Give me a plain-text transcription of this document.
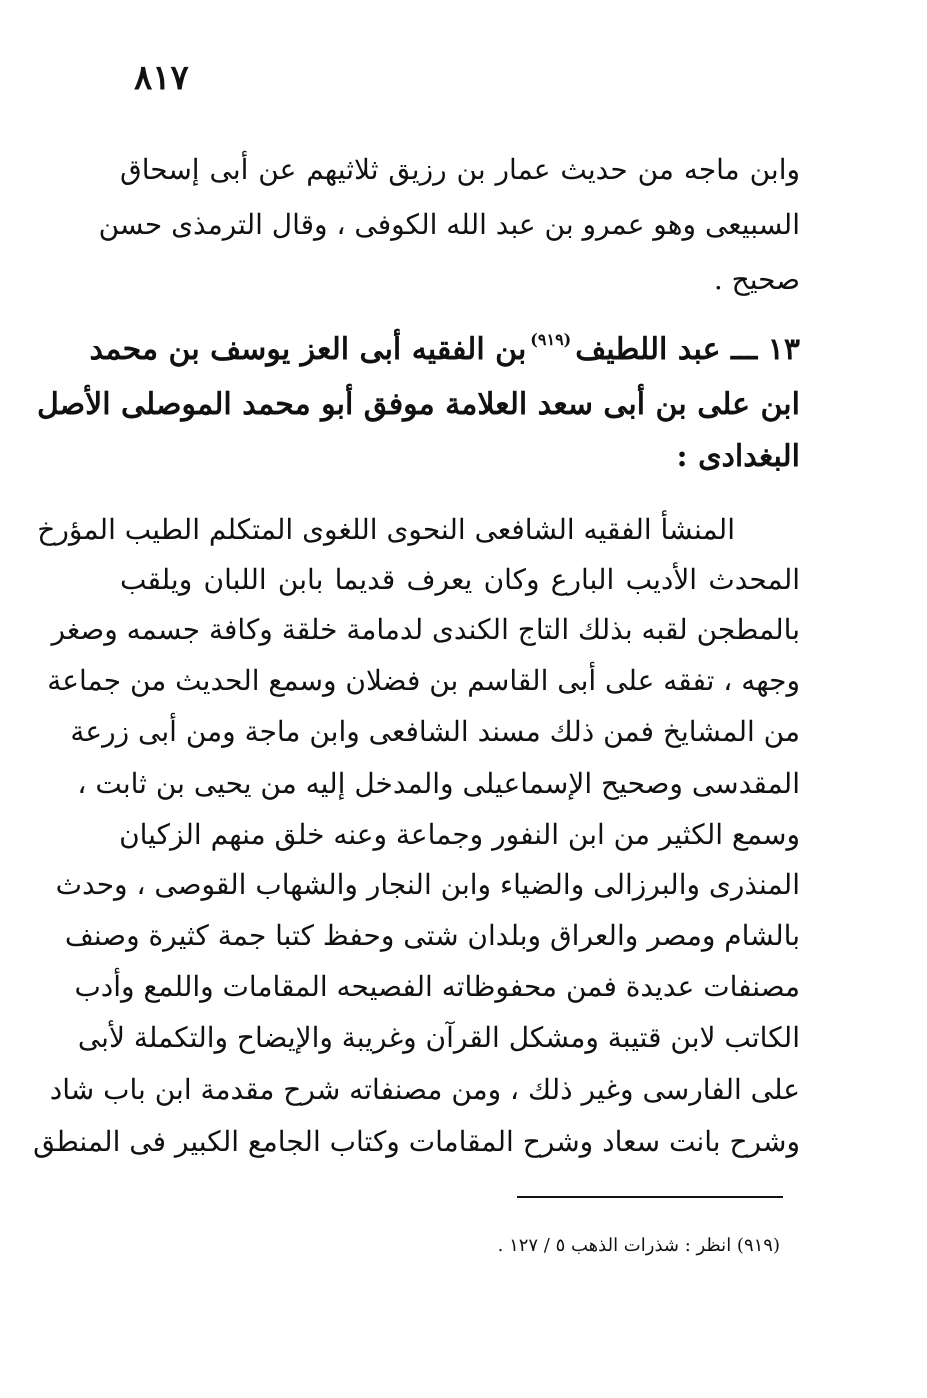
٨١٧
وابن ماجه من حديث عمار بن رزيق ثلاثيهم عن أبى إسحاق
السبيعى وهو عمرو بن عبد الله الكوفى ، وقال الترمذى حسن
صحيح .
١٣ ـــ عبد اللطيف$^{(٩١٩)}$بن الفقيه أبى العز يوسف بن محمد
ابن على بن أبى سعد العلامة موفق أبو محمد الموصلى الأصل
البغدادى :
المنشأ الفقيه الشافعى النحوى اللغوى المتكلم الطيب المؤرخ
المحدث الأديب البارع وكان يعرف قديما بابن اللبان ويلقب
بالمطجن لقبه بذلك التاج الكندى لدمامة خلقة وكافة جسمه وصغر
وجهه ، تفقه على أبى القاسم بن فضلان وسمع الحديث من جماعة
من المشايخ فمن ذلك مسند الشافعى وابن ماجة ومن أبى زرعة
المقدسى وصحيح الإسماعيلى والمدخل إليه من يحيى بن ثابت ،
وسمع الكثير من ابن النفور وجماعة وعنه خلق منهم الزكيان
المنذرى والبرزالى والضياء وابن النجار والشهاب القوصى ، وحدث
بالشام ومصر والعراق وبلدان شتى وحفظ كتبا جمة كثيرة وصنف
مصنفات عديدة فمن محفوظاته الفصيحه المقامات واللمع وأدب
الكاتب لابن قتيبة ومشكل القرآن وغريبة والإيضاح والتكملة لأبى
على الفارسى وغير ذلك ، ومن مصنفاته شرح مقدمة ابن باب شاد
وشرح بانت سعاد وشرح المقامات وكتاب الجامع الكبير فى المنطق
(٩١٩) انظر : شذرات الذهب ٥ / ١٢٧ .
